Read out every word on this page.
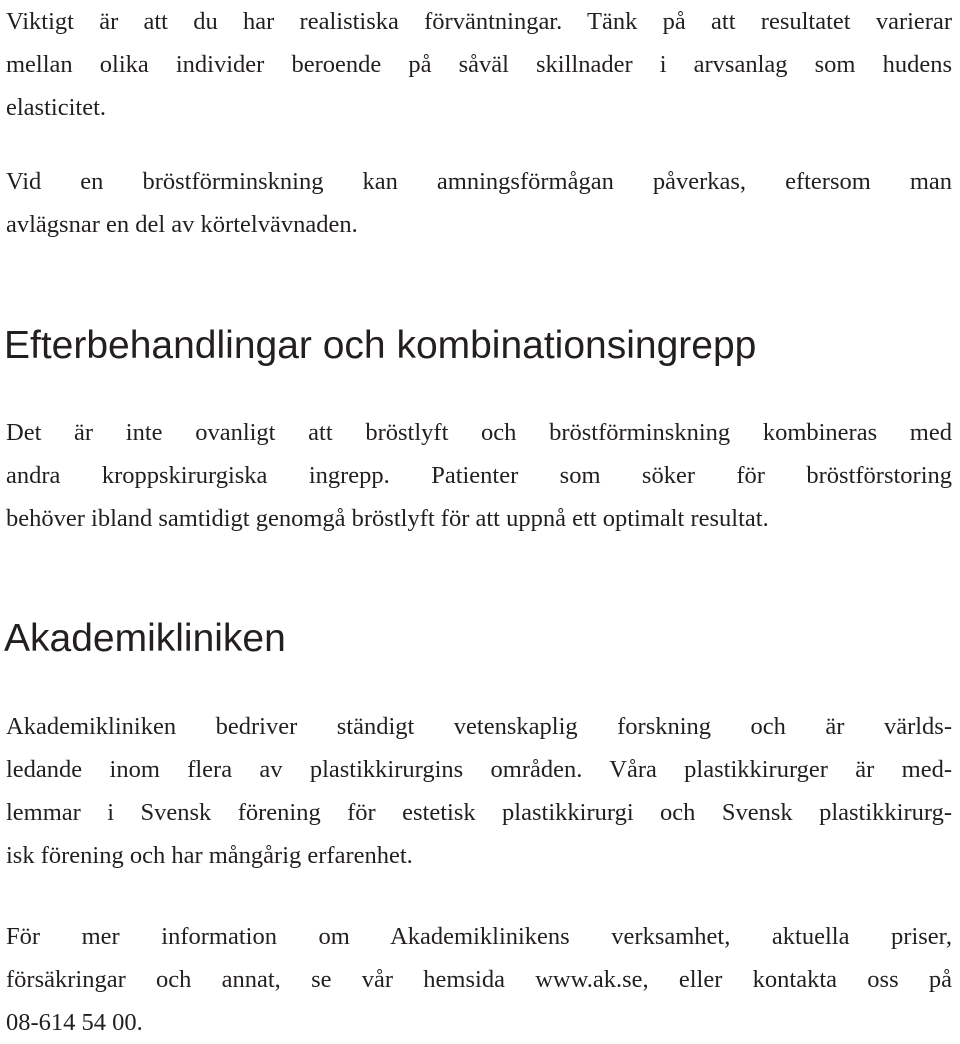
Viktigt är att du har realistiska förväntningar. Tänk på att resultatet varierar
mellan olika individer beroende på såväl skillnader i arvsanlag som hudens
elasticitet.
Vid en bröstförminskning kan amningsförmågan påverkas, eftersom man
avlägsnar en del av körtelvävnaden.
Efterbehandlingar och kombinationsingrepp
Det är inte ovanligt att bröstlyft och bröstförminskning kombineras med
andra kroppskirurgiska ingrepp. Patienter som söker för bröstförstoring
behöver ibland samtidigt genomgå bröstlyft för att uppnå ett optimalt resultat.
Akademikliniken
Akademikliniken bedriver ständigt vetenskaplig forskning och är världs-
ledande inom flera av plastikkirurgins områden. Våra plastikkirurger är med-
lemmar i Svensk förening för estetisk plastikkirurgi och Svensk plastikkirurg-
isk förening och har mångårig erfarenhet.
För mer information om Akademiklinikens verksamhet, aktuella priser,
försäkringar och annat, se vår hemsida www.ak.se, eller kontakta oss på
08-614 54 00.
